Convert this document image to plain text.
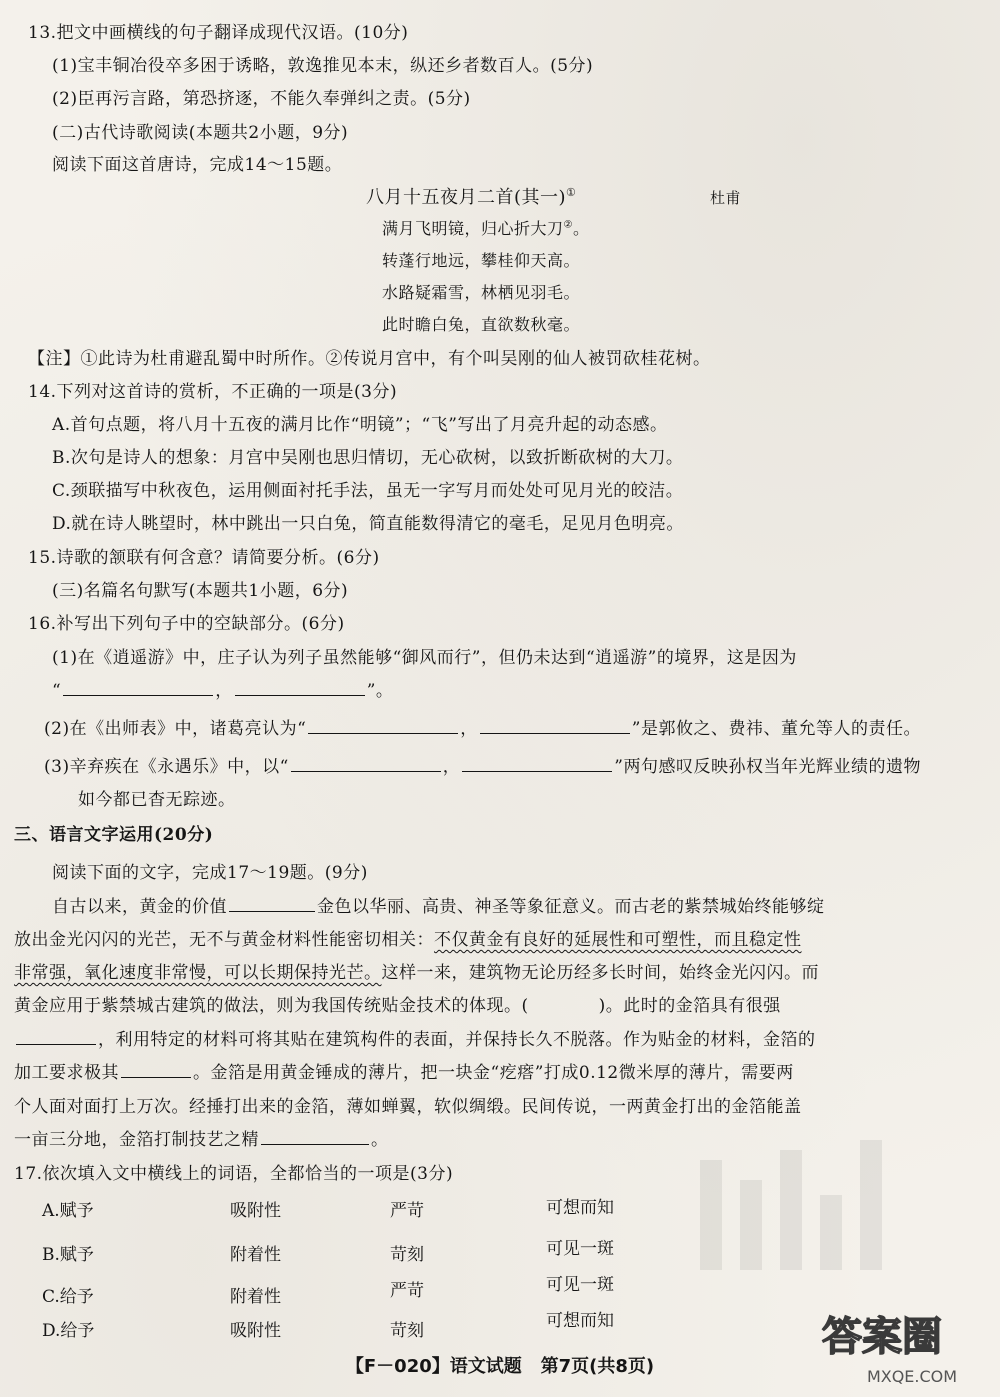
13.把文中画横线的句子翻译成现代汉语。(10分)
(1)宝丰铜冶役卒多困于诱略，敦逸推见本末，纵还乡者数百人。(5分)
(2)臣再污言路，第恐挤逐，不能久奉弹纠之责。(5分)
(二)古代诗歌阅读(本题共2小题，9分)
阅读下面这首唐诗，完成14～15题。
八月十五夜月二首(其一)①	杜甫
满月飞明镜，归心折大刀②。
转蓬行地远，攀桂仰天高。
水路疑霜雪，林栖见羽毛。
此时瞻白兔，直欲数秋毫。
【注】①此诗为杜甫避乱蜀中时所作。②传说月宫中，有个叫吴刚的仙人被罚砍桂花树。
14.下列对这首诗的赏析，不正确的一项是(3分)
A.首句点题，将八月十五夜的满月比作“明镜”；“飞”写出了月亮升起的动态感。
B.次句是诗人的想象：月宫中吴刚也思归情切，无心砍树，以致折断砍树的大刀。
C.颈联描写中秋夜色，运用侧面衬托手法，虽无一字写月而处处可见月光的皎洁。
D.就在诗人眺望时，林中跳出一只白兔，简直能数得清它的毫毛，足见月色明亮。
15.诗歌的颔联有何含意？请简要分析。(6分)
(三)名篇名句默写(本题共1小题，6分)
16.补写出下列句子中的空缺部分。(6分)
(1)在《逍遥游》中，庄子认为列子虽然能够“御风而行”，但仍未达到“逍遥游”的境界，这是因为
“	，	”。
(2)在《出师表》中，诸葛亮认为“	，	”是郭攸之、费祎、董允等人的责任。
(3)辛弃疾在《永遇乐》中，以“	，	”两句感叹反映孙权当年光辉业绩的遗物
如今都已杳无踪迹。
三、语言文字运用(20分)
阅读下面的文字，完成17～19题。(9分)
自古以来，黄金的价值	金色以华丽、高贵、神圣等象征意义。而古老的紫禁城始终能够绽
放出金光闪闪的光芒，无不与黄金材料性能密切相关：不仅黄金有良好的延展性和可塑性，而且稳定性
非常强，氧化速度非常慢，可以长期保持光芒。这样一来，建筑物无论历经多长时间，始终金光闪闪。而
黄金应用于紫禁城古建筑的做法，则为我国传统贴金技术的体现。(	)。此时的金箔具有很强
，利用特定的材料可将其贴在建筑构件的表面，并保持长久不脱落。作为贴金的材料，金箔的
加工要求极其	。金箔是用黄金锤成的薄片，把一块金“疙瘩”打成0.12微米厚的薄片，需要两
个人面对面打上万次。经捶打出来的金箔，薄如蝉翼，软似绸缎。民间传说，一两黄金打出的金箔能盖
一亩三分地，金箔打制技艺之精	。
17.依次填入文中横线上的词语，全都恰当的一项是(3分)
A.赋予	吸附性	严苛	可想而知
B.赋予	附着性	苛刻	可见一斑
C.给予	附着性	严苛	可见一斑
D.给予	吸附性	苛刻	可想而知
【F－020】语文试题 第7页(共8页)
答案圈
MXQE.COM
